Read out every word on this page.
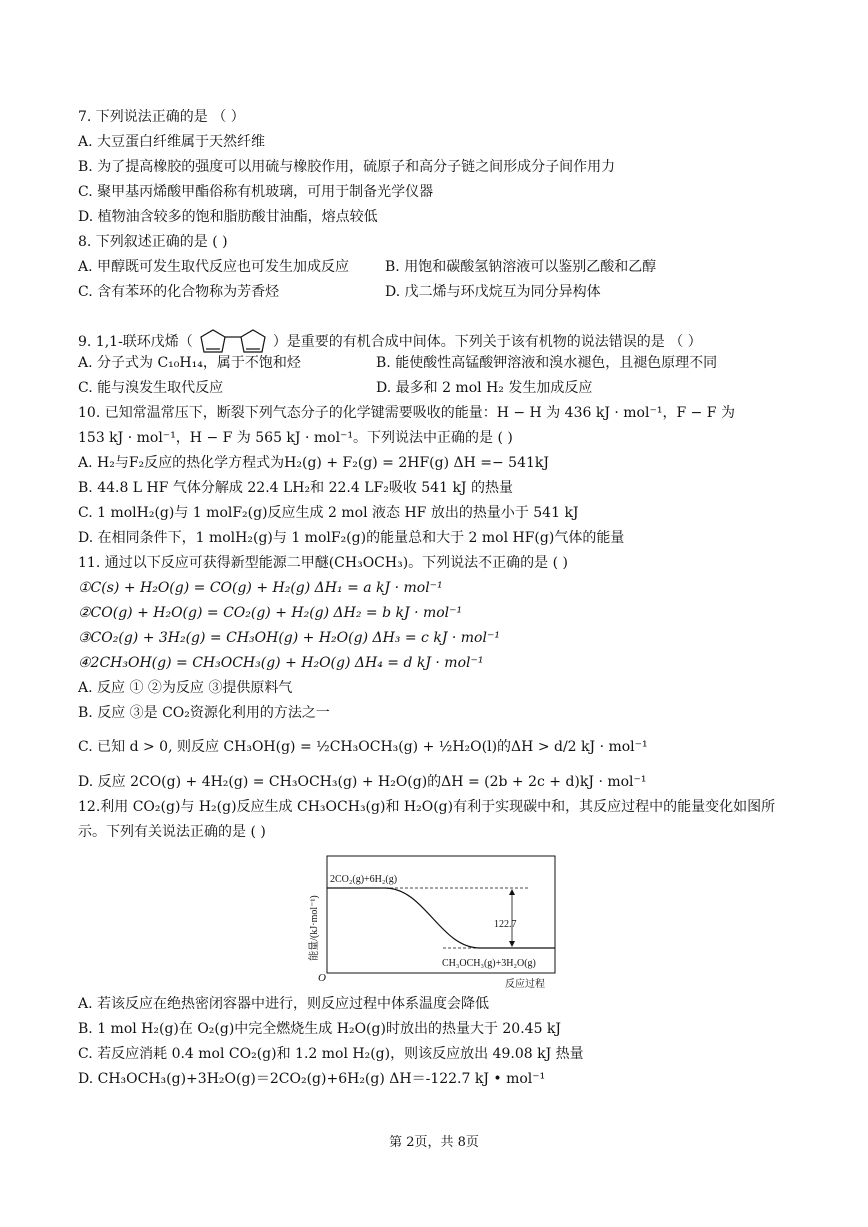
7. 下列说法正确的是 （ ）
A. 大豆蛋白纤维属于天然纤维
B. 为了提高橡胶的强度可以用硫与橡胶作用，硫原子和高分子链之间形成分子间作用力
C. 聚甲基丙烯酸甲酯俗称有机玻璃，可用于制备光学仪器
D. 植物油含较多的饱和脂肪酸甘油酯，熔点较低
8. 下列叙述正确的是 ( )
A. 甲醇既可发生取代反应也可发生加成反应	B. 用饱和碳酸氢钠溶液可以鉴别乙酸和乙醇
C. 含有苯环的化合物称为芳香烃	D. 戊二烯与环戊烷互为同分异构体
9. 1,1-联环戊烯（	）是重要的有机合成中间体。下列关于该有机物的说法错误的是 （ ）
A. 分子式为 C₁₀H₁₄，属于不饱和烃	B. 能使酸性高锰酸钾溶液和溴水褪色，且褪色原理不同
C. 能与溴发生取代反应	D. 最多和 2 mol H₂ 发生加成反应
10. 已知常温常压下，断裂下列气态分子的化学键需要吸收的能量：H − H 为 436 kJ · mol⁻¹，F − F 为
153 kJ · mol⁻¹，H − F 为 565 kJ · mol⁻¹。下列说法中正确的是 ( )
A. H₂与F₂反应的热化学方程式为H₂(g) + F₂(g) = 2HF(g) ΔH =− 541kJ
B. 44.8 L HF 气体分解成 22.4 LH₂和 22.4 LF₂吸收 541 kJ 的热量
C. 1 molH₂(g)与 1 molF₂(g)反应生成 2 mol 液态 HF 放出的热量小于 541 kJ
D. 在相同条件下，1 molH₂(g)与 1 molF₂(g)的能量总和大于 2 mol HF(g)气体的能量
11. 通过以下反应可获得新型能源二甲醚(CH₃OCH₃)。下列说法不正确的是 ( )
①C(s) + H₂O(g) = CO(g) + H₂(g) ΔH₁ = a kJ · mol⁻¹
②CO(g) + H₂O(g) = CO₂(g) + H₂(g) ΔH₂ = b kJ · mol⁻¹
③CO₂(g) + 3H₂(g) = CH₃OH(g) + H₂O(g) ΔH₃ = c kJ · mol⁻¹
④2CH₃OH(g) = CH₃OCH₃(g) + H₂O(g) ΔH₄ = d kJ · mol⁻¹
A. 反应 ① ②为反应 ③提供原料气
B. 反应 ③是 CO₂资源化利用的方法之一
C. 已知 d > 0, 则反应 CH₃OH(g) = ½CH₃OCH₃(g) + ½H₂O(l)的ΔH > d/2 kJ · mol⁻¹
D. 反应 2CO(g) + 4H₂(g) = CH₃OCH₃(g) + H₂O(g)的ΔH = (2b + 2c + d)kJ · mol⁻¹
12.利用 CO₂(g)与 H₂(g)反应生成 CH₃OCH₃(g)和 H₂O(g)有利于实现碳中和，其反应过程中的能量变化如图所
示。下列有关说法正确的是 ( )
能量/(kJ·mol⁻¹)
O
反应过程
2CO₂(g)+6H₂(g)
CH₃OCH₃(g)+3H₂O(g)
122.7
A. 若该反应在绝热密闭容器中进行，则反应过程中体系温度会降低
B. 1 mol H₂(g)在 O₂(g)中完全燃烧生成 H₂O(g)时放出的热量大于 20.45 kJ
C. 若反应消耗 0.4 mol CO₂(g)和 1.2 mol H₂(g)，则该反应放出 49.08 kJ 热量
D. CH₃OCH₃(g)+3H₂O(g)＝2CO₂(g)+6H₂(g) ΔH＝-122.7 kJ • mol⁻¹
第 2页，共 8页
